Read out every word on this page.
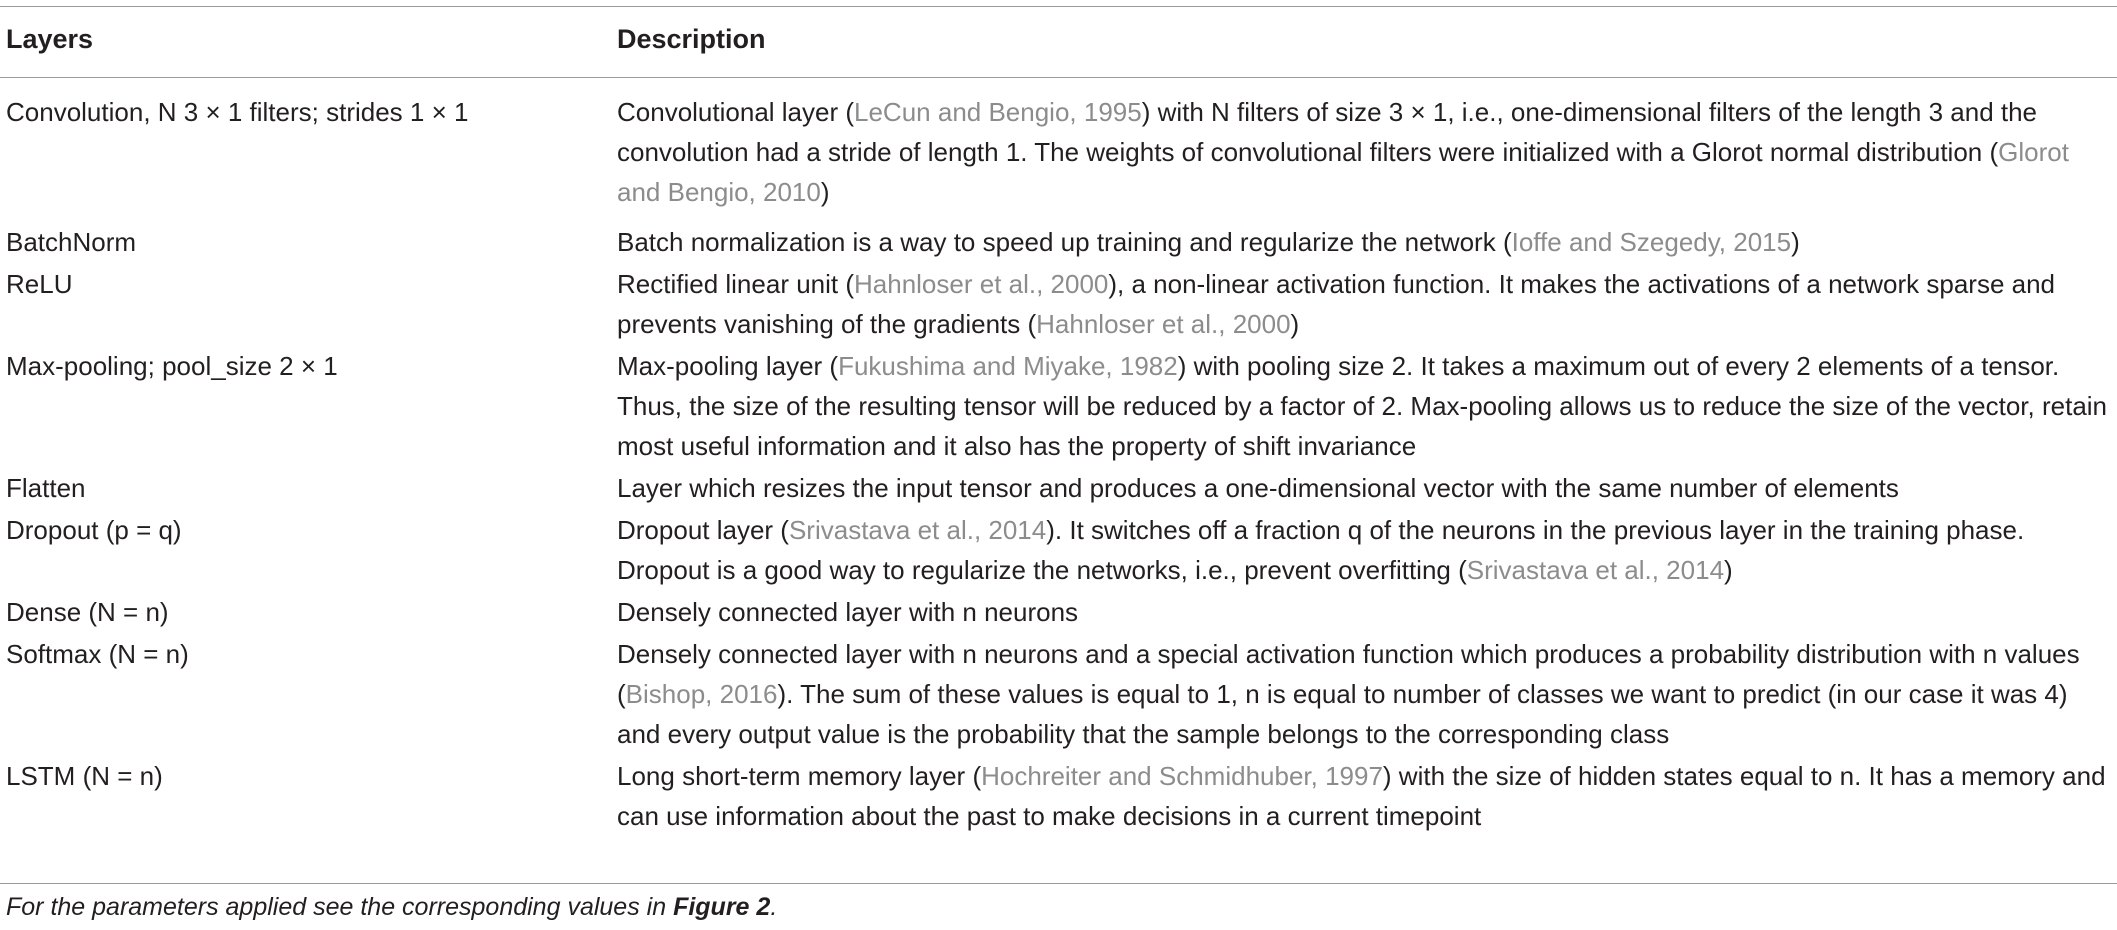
Layers	Description
Convolution, N 3 × 1 filters; strides 1 × 1	Convolutional layer (LeCun and Bengio, 1995) with N filters of size 3 × 1, i.e., one-dimensional filters of the length 3 and the convolution had a stride of length 1. The weights of convolutional filters were initialized with a Glorot normal distribution (Glorot and Bengio, 2010)
BatchNorm	Batch normalization is a way to speed up training and regularize the network (Ioffe and Szegedy, 2015)
ReLU	Rectified linear unit (Hahnloser et al., 2000), a non-linear activation function. It makes the activations of a network sparse and prevents vanishing of the gradients (Hahnloser et al., 2000)
Max-pooling; pool_size 2 × 1	Max-pooling layer (Fukushima and Miyake, 1982) with pooling size 2. It takes a maximum out of every 2 elements of a tensor. Thus, the size of the resulting tensor will be reduced by a factor of 2. Max-pooling allows us to reduce the size of the vector, retain most useful information and it also has the property of shift invariance
Flatten	Layer which resizes the input tensor and produces a one-dimensional vector with the same number of elements
Dropout (p = q)	Dropout layer (Srivastava et al., 2014). It switches off a fraction q of the neurons in the previous layer in the training phase. Dropout is a good way to regularize the networks, i.e., prevent overfitting (Srivastava et al., 2014)
Dense (N = n)	Densely connected layer with n neurons
Softmax (N = n)	Densely connected layer with n neurons and a special activation function which produces a probability distribution with n values (Bishop, 2016). The sum of these values is equal to 1, n is equal to number of classes we want to predict (in our case it was 4) and every output value is the probability that the sample belongs to the corresponding class
LSTM (N = n)	Long short-term memory layer (Hochreiter and Schmidhuber, 1997) with the size of hidden states equal to n. It has a memory and can use information about the past to make decisions in a current timepoint
For the parameters applied see the corresponding values in Figure 2.
